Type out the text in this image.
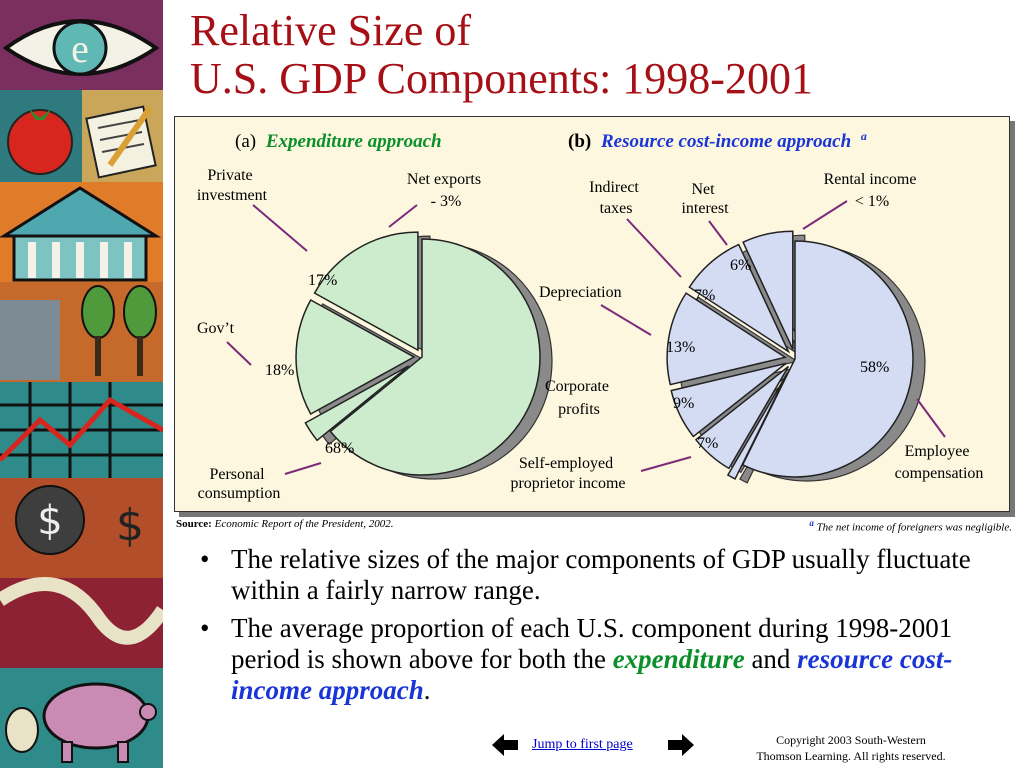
e
$ $
Relative Size of
U.S. GDP Components: 1998-2001
(a) Expenditure approach	(b) Resource cost-income approach $^a$
Private investment
Net exports - 3%
Gov’t
Personal consumption
17%
18%
68%
Indirect taxes
Net interest
Rental income < 1%
Depreciation
Corporate profits
Self-employed proprietor income
Employee compensation
6%
7%
13%
9%
7%
58%
Source: Economic Report of the President, 2002.	$^a$ The net income of foreigners was negligible.
• The relative sizes of the major components of GDP usually fluctuate within a fairly narrow range.
• The average proportion of each U.S. component during 1998-2001 period is shown above for both the expenditure and resource cost-income approach.
Jump to first page	Copyright 2003 South-Western
Thomson Learning. All rights reserved.
